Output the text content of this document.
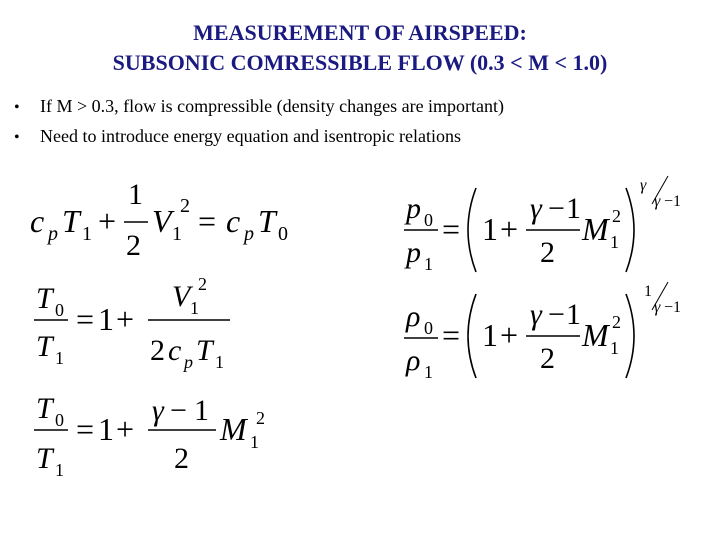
MEASUREMENT OF AIRSPEED:
SUBSONIC COMRESSIBLE FLOW (0.3 < M < 1.0)
•	If M > 0.3, flow is compressible (density changes are important)
•	Need to introduce energy equation and isentropic relations
c p T 1 +
1
2
V 1
2 = c p T 0
T 0
T 1
= 1 +
V 1
2
2 c p T 1
T 0
T 1
= 1 +
γ − 1
2
M 1
2
p 0
p 1
= 1 +
γ − 1
2
M 1
2
γ
γ −1
ρ 0
ρ 1
= 1 +
γ − 1
2
M 1
2
1
γ −1
